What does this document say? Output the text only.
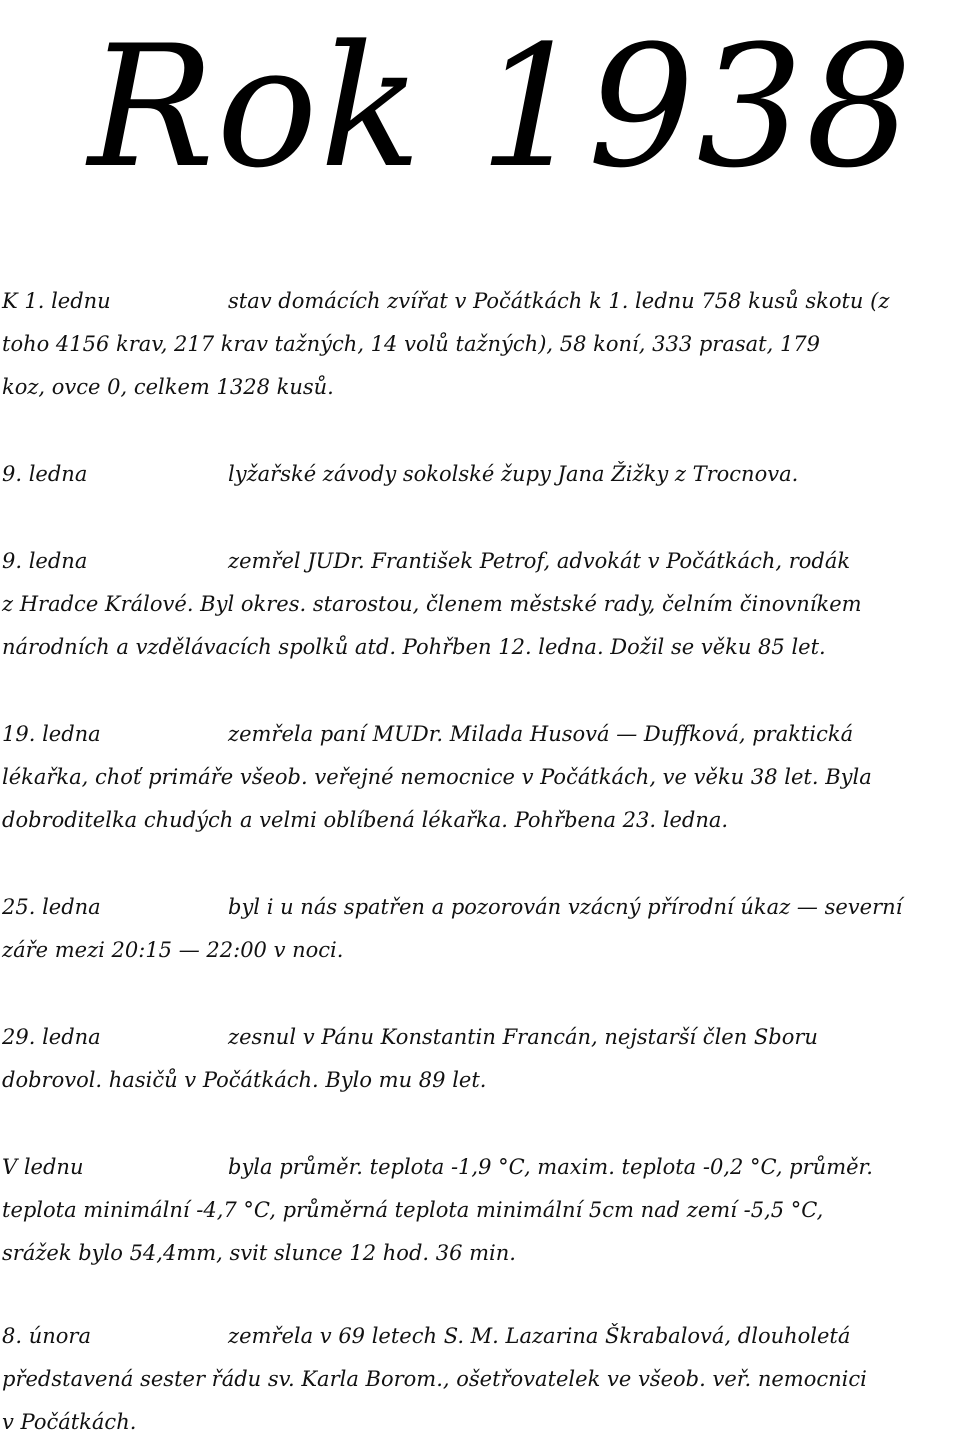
Rok 1938
K 1. lednu	stav domácích zvířat v Počátkách k 1. lednu 758 kusů skotu (z
toho 4156 krav, 217 krav tažných, 14 volů tažných), 58 koní, 333 prasat, 179
koz, ovce 0, celkem 1328 kusů.
9. ledna	lyžařské závody sokolské župy Jana Žižky z Trocnova.
9. ledna	zemřel JUDr. František Petrof, advokát v Počátkách, rodák
z Hradce Králové. Byl okres. starostou, členem městské rady, čelním činovníkem
národních a vzdělávacích spolků atd. Pohřben 12. ledna. Dožil se věku 85 let.
19. ledna	zemřela paní MUDr. Milada Husová — Duffková, praktická
lékařka, choť primáře všeob. veřejné nemocnice v Počátkách, ve věku 38 let. Byla
dobroditelka chudých a velmi oblíbená lékařka. Pohřbena 23. ledna.
25. ledna	byl i u nás spatřen a pozorován vzácný přírodní úkaz — severní
záře mezi 20:15 — 22:00 v noci.
29. ledna	zesnul v Pánu Konstantin Francán, nejstarší člen Sboru
dobrovol. hasičů v Počátkách. Bylo mu 89 let.
V lednu	byla průměr. teplota -1,9 °C, maxim. teplota -0,2 °C, průměr.
teplota minimální -4,7 °C, průměrná teplota minimální 5cm nad zemí -5,5 °C,
srážek bylo 54,4mm, svit slunce 12 hod. 36 min.
8. února	zemřela v 69 letech S. M. Lazarina Škrabalová, dlouholetá
představená sester řádu sv. Karla Borom., ošetřovatelek ve všeob. veř. nemocnici
v Počátkách.
